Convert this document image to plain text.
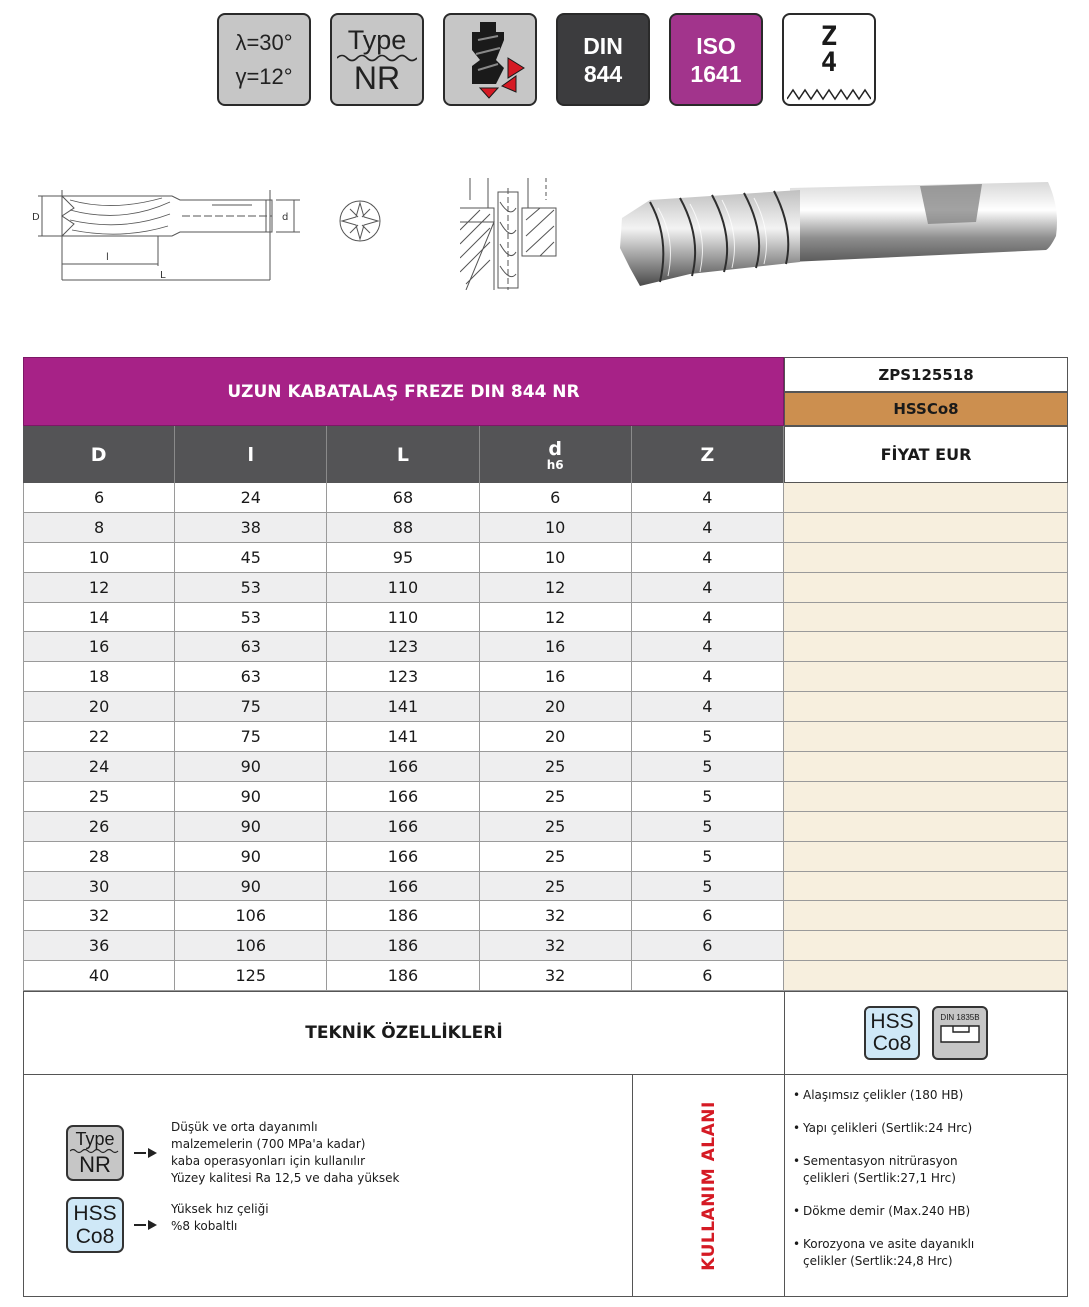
λ=30°
γ=12°
Type
NR
DIN
844
ISO
1641
Z
4
D	d
l
L
UZUN KABATALAŞ FREZE DIN 844 NR
ZPS125518
HSSCo8
D	l	L	d
h6	Z	FİYAT EUR
6	24	68	6	4
8	38	88	10	4
10	45	95	10	4
12	53	110	12	4
14	53	110	12	4
16	63	123	16	4
18	63	123	16	4
20	75	141	20	4
22	75	141	20	5
24	90	166	25	5
25	90	166	25	5
26	90	166	25	5
28	90	166	25	5
30	90	166	25	5
32	106	186	32	6
36	106	186	32	6
40	125	186	32	6
TEKNİK ÖZELLİKLERİ	HSS
Co8
DIN 1835B
Type
NR
Düşük ve orta dayanımlı
malzemelerin (700 MPa'a kadar)
kaba operasyonları için kullanılır
Yüzey kalitesi Ra 12,5 ve daha yüksek
HSS
Co8
Yüksek hız çeliği
%8 kobaltlı	KULLANIM ALANI
• Alaşımsız çelikler (180 HB)
• Yapı çelikleri (Sertlik:24 Hrc)
• Sementasyon nitrürasyon
çelikleri (Sertlik:27,1 Hrc)
• Dökme demir (Max.240 HB)
• Korozyona ve asite dayanıklı
çelikler (Sertlik:24,8 Hrc)
